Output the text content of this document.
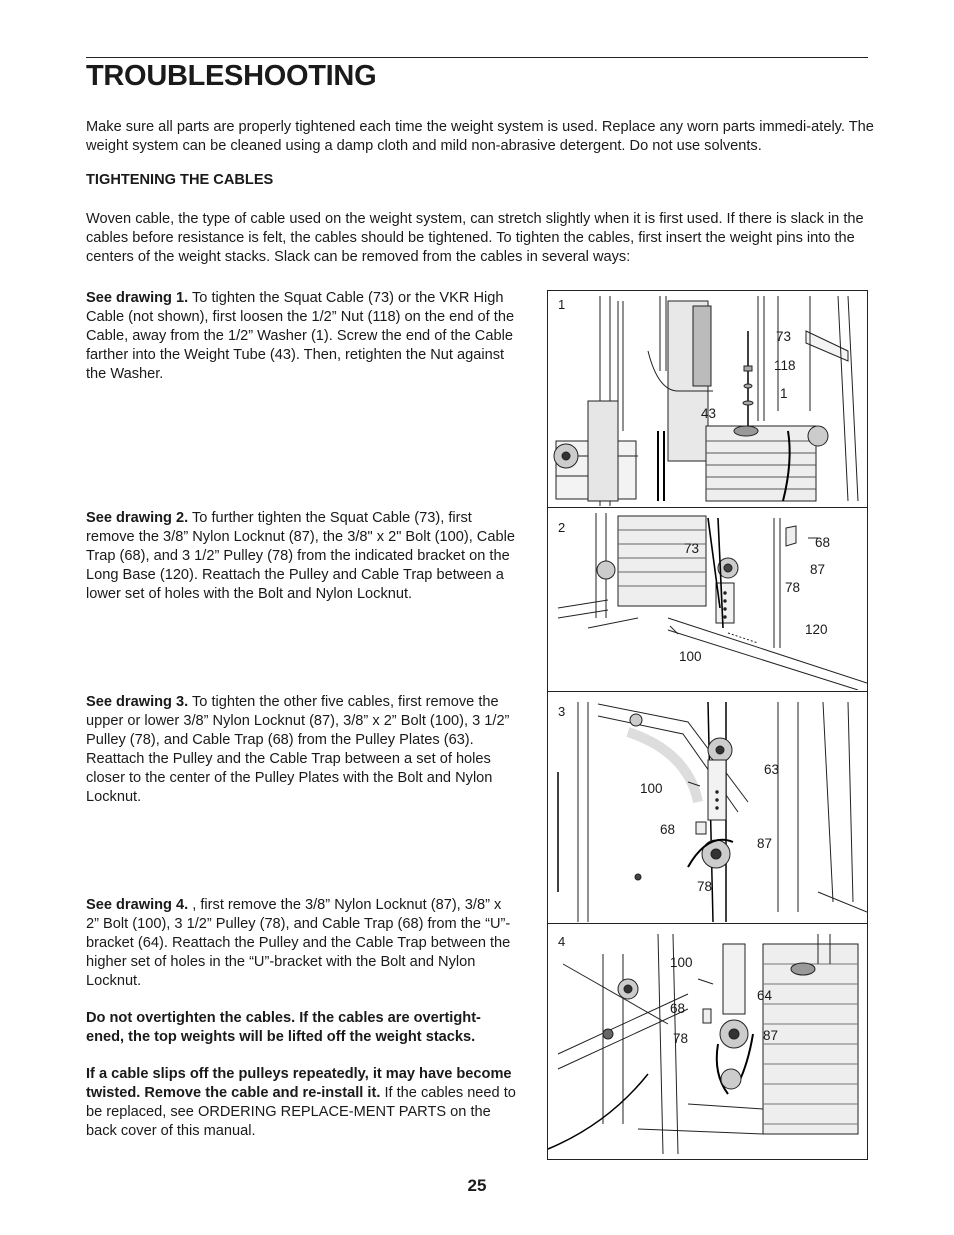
TROUBLESHOOTING

Make sure all parts are properly tightened each time the weight system is used. Replace any worn parts immedi-ately. The weight system can be cleaned using a damp cloth and mild non-abrasive detergent. Do not use solvents.

TIGHTENING THE CABLES

Woven cable, the type of cable used on the weight system, can stretch slightly when it is first used. If there is slack in the cables before resistance is felt, the cables should be tightened. To tighten the cables, first insert the weight pins into the centers of the weight stacks. Slack can be removed from the cables in several ways:

See drawing 1. To tighten the Squat Cable (73) or the VKR High Cable (not shown), first loosen the 1/2” Nut (118) on the end of the Cable, away from the 1/2” Washer (1). Screw the end of the Cable farther into the Weight Tube (43). Then, retighten the Nut against the Washer.

See drawing 2. To further tighten the Squat Cable (73), first remove the 3/8” Nylon Locknut (87), the 3/8" x 2" Bolt (100), Cable Trap (68), and 3 1/2” Pulley (78) from the indicated bracket on the Long Base (120). Reattach the Pulley and Cable Trap between a lower set of holes with the Bolt and Nylon Locknut.

See drawing 3. To tighten the other five cables, first remove the upper or lower 3/8” Nylon Locknut (87), 3/8” x 2” Bolt (100), 3 1/2” Pulley (78), and Cable Trap (68) from the Pulley Plates (63). Reattach the Pulley and the Cable Trap between a set of holes closer to the center of the Pulley Plates with the Bolt and Nylon Locknut.

See drawing 4. , first remove the 3/8” Nylon Locknut (87), 3/8” x 2” Bolt (100), 3 1/2” Pulley (78), and Cable Trap (68) from the “U”-bracket (64). Reattach the Pulley and the Cable Trap between the higher set of holes in the “U”-bracket with the Bolt and Nylon Locknut.

Do not overtighten the cables. If the cables are overtight-ened, the top weights will be lifted off the weight stacks.

If a cable slips off the pulleys repeatedly, it may have become twisted. Remove the cable and re-install it. If the cables need to be replaced, see ORDERING REPLACE-MENT PARTS on the back cover of this manual.

25
1
73
118
1
43
2
73	68
87
78
120
100
3
63
100
68
87
78
4
100
64
68
87
78
